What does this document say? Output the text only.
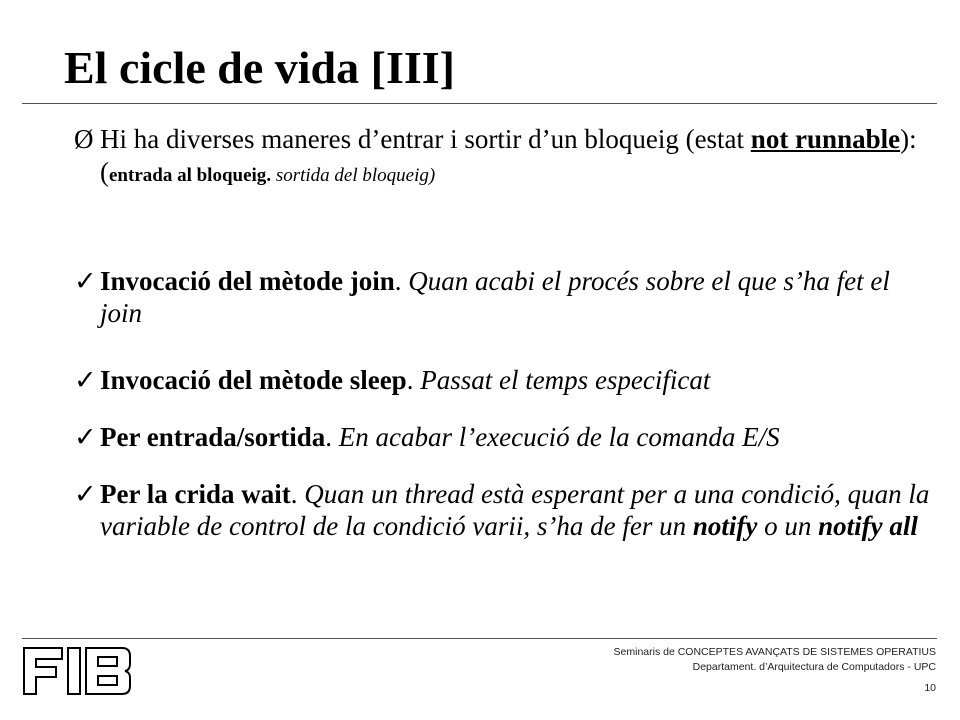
El cicle de vida [III]
Ø Hi ha diverses maneres d’entrar i sortir d’un bloqueig (estat not runnable): (entrada al bloqueig. sortida del bloqueig)
✓ Invocació del mètode join. Quan acabi el procés sobre el que s’ha fet el join
✓ Invocació del mètode sleep. Passat el temps especificat
✓ Per entrada/sortida. En acabar l’execució de la comanda E/S
✓ Per la crida wait. Quan un thread està esperant per a una condició, quan la variable de control de la condició varii, s’ha de fer un notify o un notify all
Seminaris de CONCEPTES AVANÇATS DE SISTEMES OPERATIUS
Departament. d’Arquitectura de Computadors - UPC
10
